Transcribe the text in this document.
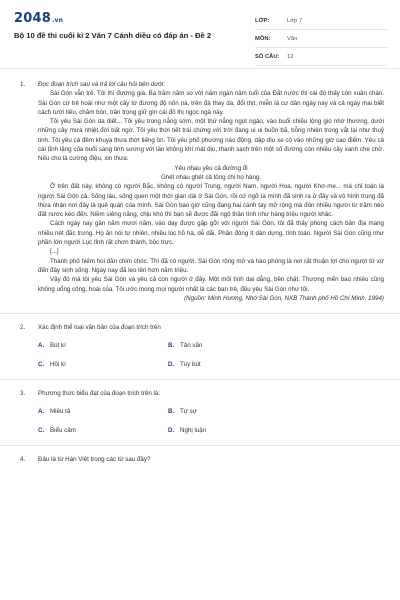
2048.vn
Bộ 10 đề thi cuối kì 2 Văn 7 Cánh diều có đáp án - Đề 2
LỚP:	Lớp 7
MÔN:	Văn
SỐ CÂU:	12
1.	Đọc đoạn trích sau và trả lời câu hỏi bên dưới:

Sài Gòn vẫn trẻ. Tôi thì đương già. Ba trăm năm so với năm ngàn năm tuổi của Đất nước thì cái đó thấy còn xuân chán. Sài Gòn cứ trẻ hoài như một cây tơ đương độ nõn nà, trên đà thay da, đổi thịt, miễn là cư dân ngày nay và cả ngày mai biết cách tưới tiêu, chăm bón, trân trọng giữ gìn cái đô thị ngọc ngà này.

Tôi yêu Sài Gòn da diết... Tôi yêu trong nắng sớm, một thứ nắng ngọt ngào, vào buổi chiều lộng gió nhớ thương, dưới những cây mưa nhiệt đới bất ngờ. Tôi yêu thời tiết trái chứng với trời đang ui ui buồn bã, bỗng nhiên trong vắt lại như thuỷ tinh. Tôi yêu cả đêm khuya thưa thớt tiếng ồn. Tôi yêu phố phường náo động, dập dìu xe cộ vào những giờ cao điểm. Yêu cả cái tĩnh lặng của buổi sáng tinh sương với làn không khí mát dịu, thanh sạch trên một số đường còn nhiều cây xanh che chở. Nếu cho là cường điệu, xin thưa:

Yêu nhau yêu cả đường đi
Ghét nhau ghét cả tông chi họ hàng.

Ở trên đất này, không có người Bắc, không có người Trung, người Nam, người Hoa, người Khơ-me... mà chỉ toàn là người Sài Gòn cả. Sống lâu, sống quen một thời gian dài ở Sài Gòn, rồi cứ ngỡ là mình đã sinh ra ở đây và vô hình trung đã thừa nhận nơi đây là quê quán của mình. Sài Gòn bao giờ cũng đang hai cánh tay mở rộng mà đón nhiều người từ trăm nẻo đất nước kéo đến. Niềm siêng năng, chịu khó thì bạn sẽ được đãi ngộ thân tình như hàng triệu người khác.

Cách ngày nay gần năm mươi năm, vào dạy được gặp gỡi với người Sài Gòn, tôi đã thấy phong cách bản địa mang nhiều nét đặc trưng. Họ ăn nói tự nhiên, nhiều lúc hồ hà, dễ dãi. Phần đông ít dàn dựng, tính toán. Người Sài Gòn cũng như phần lớn người Lục tỉnh rất chơn thành, bộc trực.

[...]

Thành phố hiếm hoi dần chim chóc. Thì đã có người. Sài Gòn rộng mở và hào phóng là nơi rất thuận lợi cho người từ xứ đến đây sinh sống. Ngày nay đã leo lên hơn năm triệu.

Vậy đó mà tôi yêu Sài Gòn và yêu cả con người ở đây. Một mối tình dai dẳng, bền chặt. Thương mến bao nhiêu cũng không uổng công, hoài của. Tôi ước mong mọi người nhất là các bạn trẻ, đều yêu Sài Gòn như tôi.

(Nguồn: Minh Hương, Nhớ Sài Gòn, NXB Thành phố Hồ Chí Minh, 1994)
2.	Xác định thể loại văn bản của đoạn trích trên
A. Bút kí	B. Tản văn
C. Hồi kí	D. Tùy bút
3.	Phương thức biểu đạt của đoạn trích trên là:
A. Miêu tả	B. Tự sự
C. Biểu cảm	D. Nghị luận
4.	Đâu là từ Hán Việt trong các từ sau đây?
